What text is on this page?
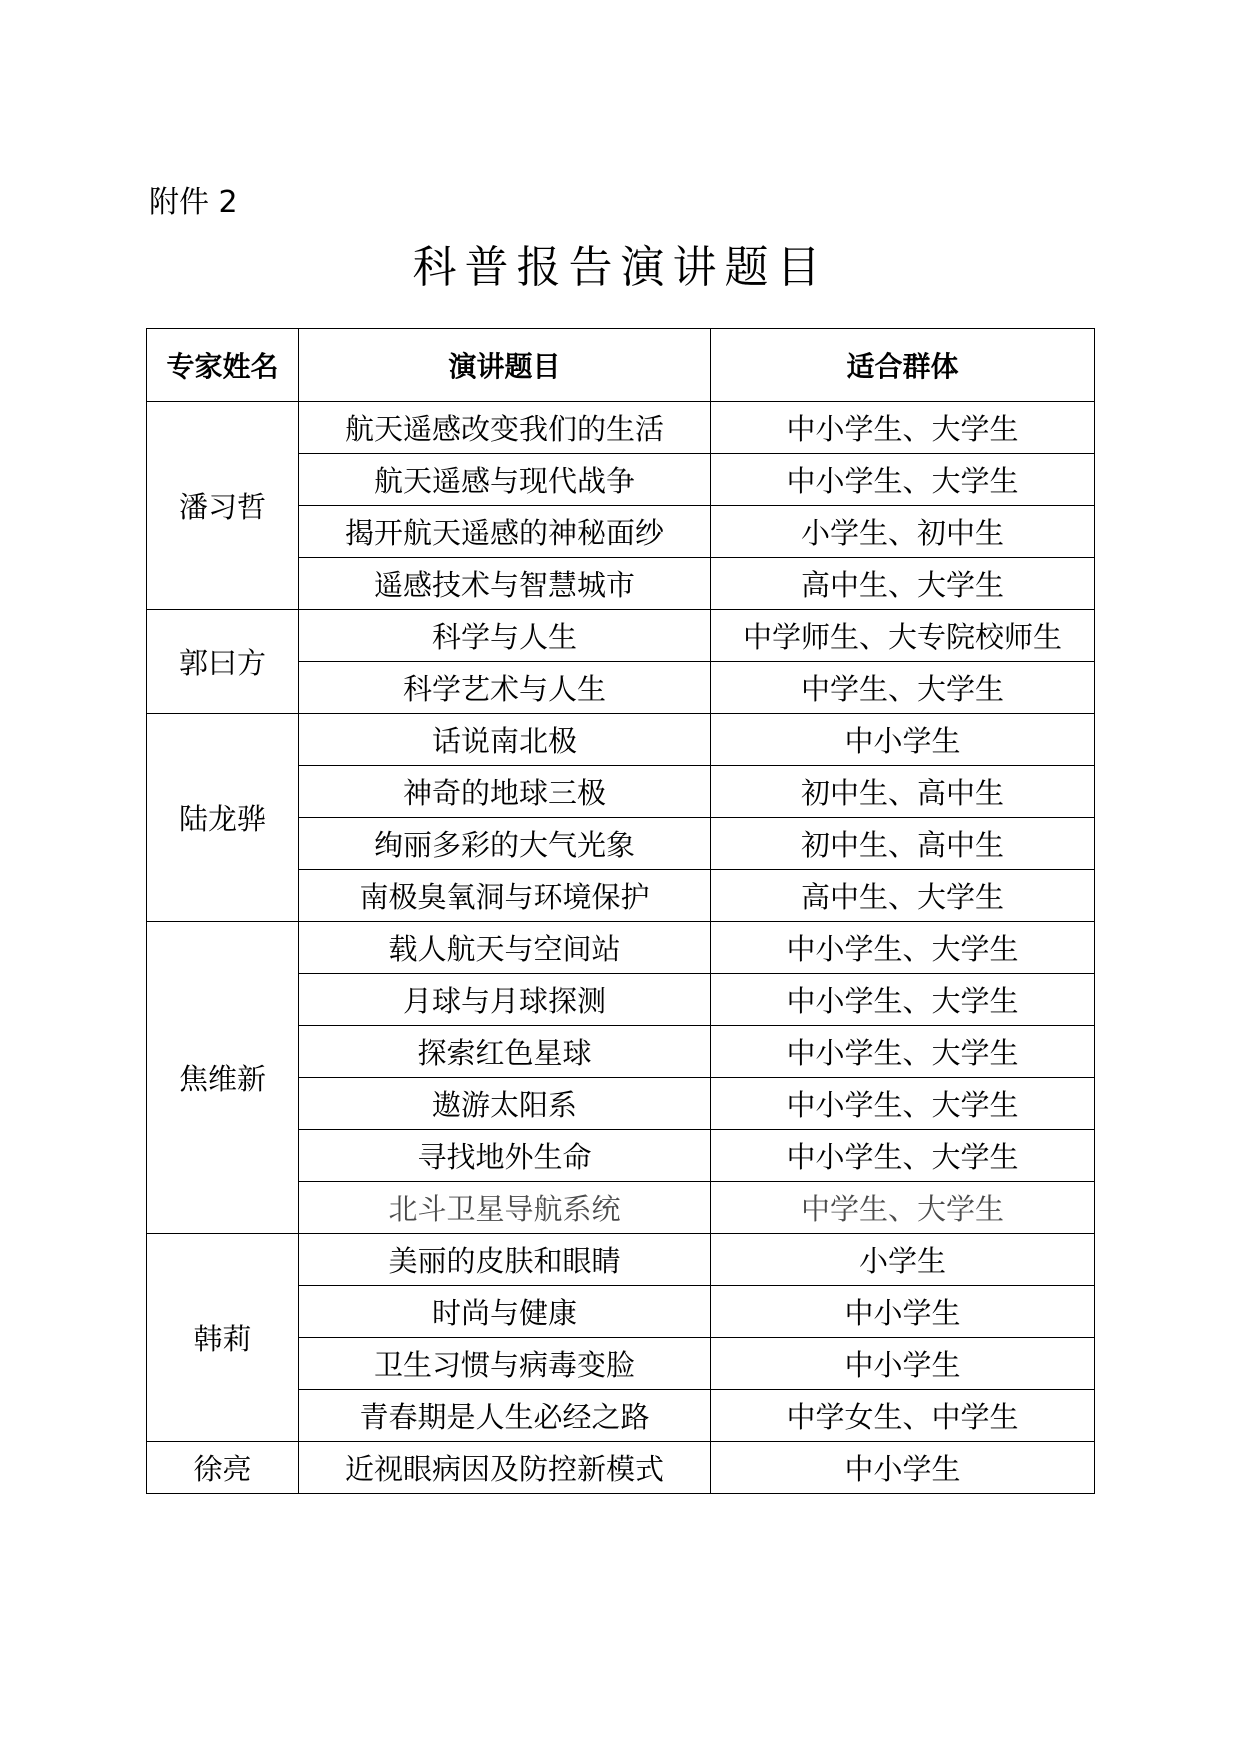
附件 2
科普报告演讲题目
专家姓名	演讲题目	适合群体
潘习哲	航天遥感改变我们的生活	中小学生、大学生
	航天遥感与现代战争	中小学生、大学生
	揭开航天遥感的神秘面纱	小学生、初中生
	遥感技术与智慧城市	高中生、大学生
郭曰方	科学与人生	中学师生、大专院校师生
	科学艺术与人生	中学生、大学生
陆龙骅	话说南北极	中小学生
	神奇的地球三极	初中生、高中生
	绚丽多彩的大气光象	初中生、高中生
	南极臭氧洞与环境保护	高中生、大学生
焦维新	载人航天与空间站	中小学生、大学生
	月球与月球探测	中小学生、大学生
	探索红色星球	中小学生、大学生
	遨游太阳系	中小学生、大学生
	寻找地外生命	中小学生、大学生
	北斗卫星导航系统	中学生、大学生
韩莉	美丽的皮肤和眼睛	小学生
	时尚与健康	中小学生
	卫生习惯与病毒变脸	中小学生
	青春期是人生必经之路	中学女生、中学生
徐亮	近视眼病因及防控新模式	中小学生
